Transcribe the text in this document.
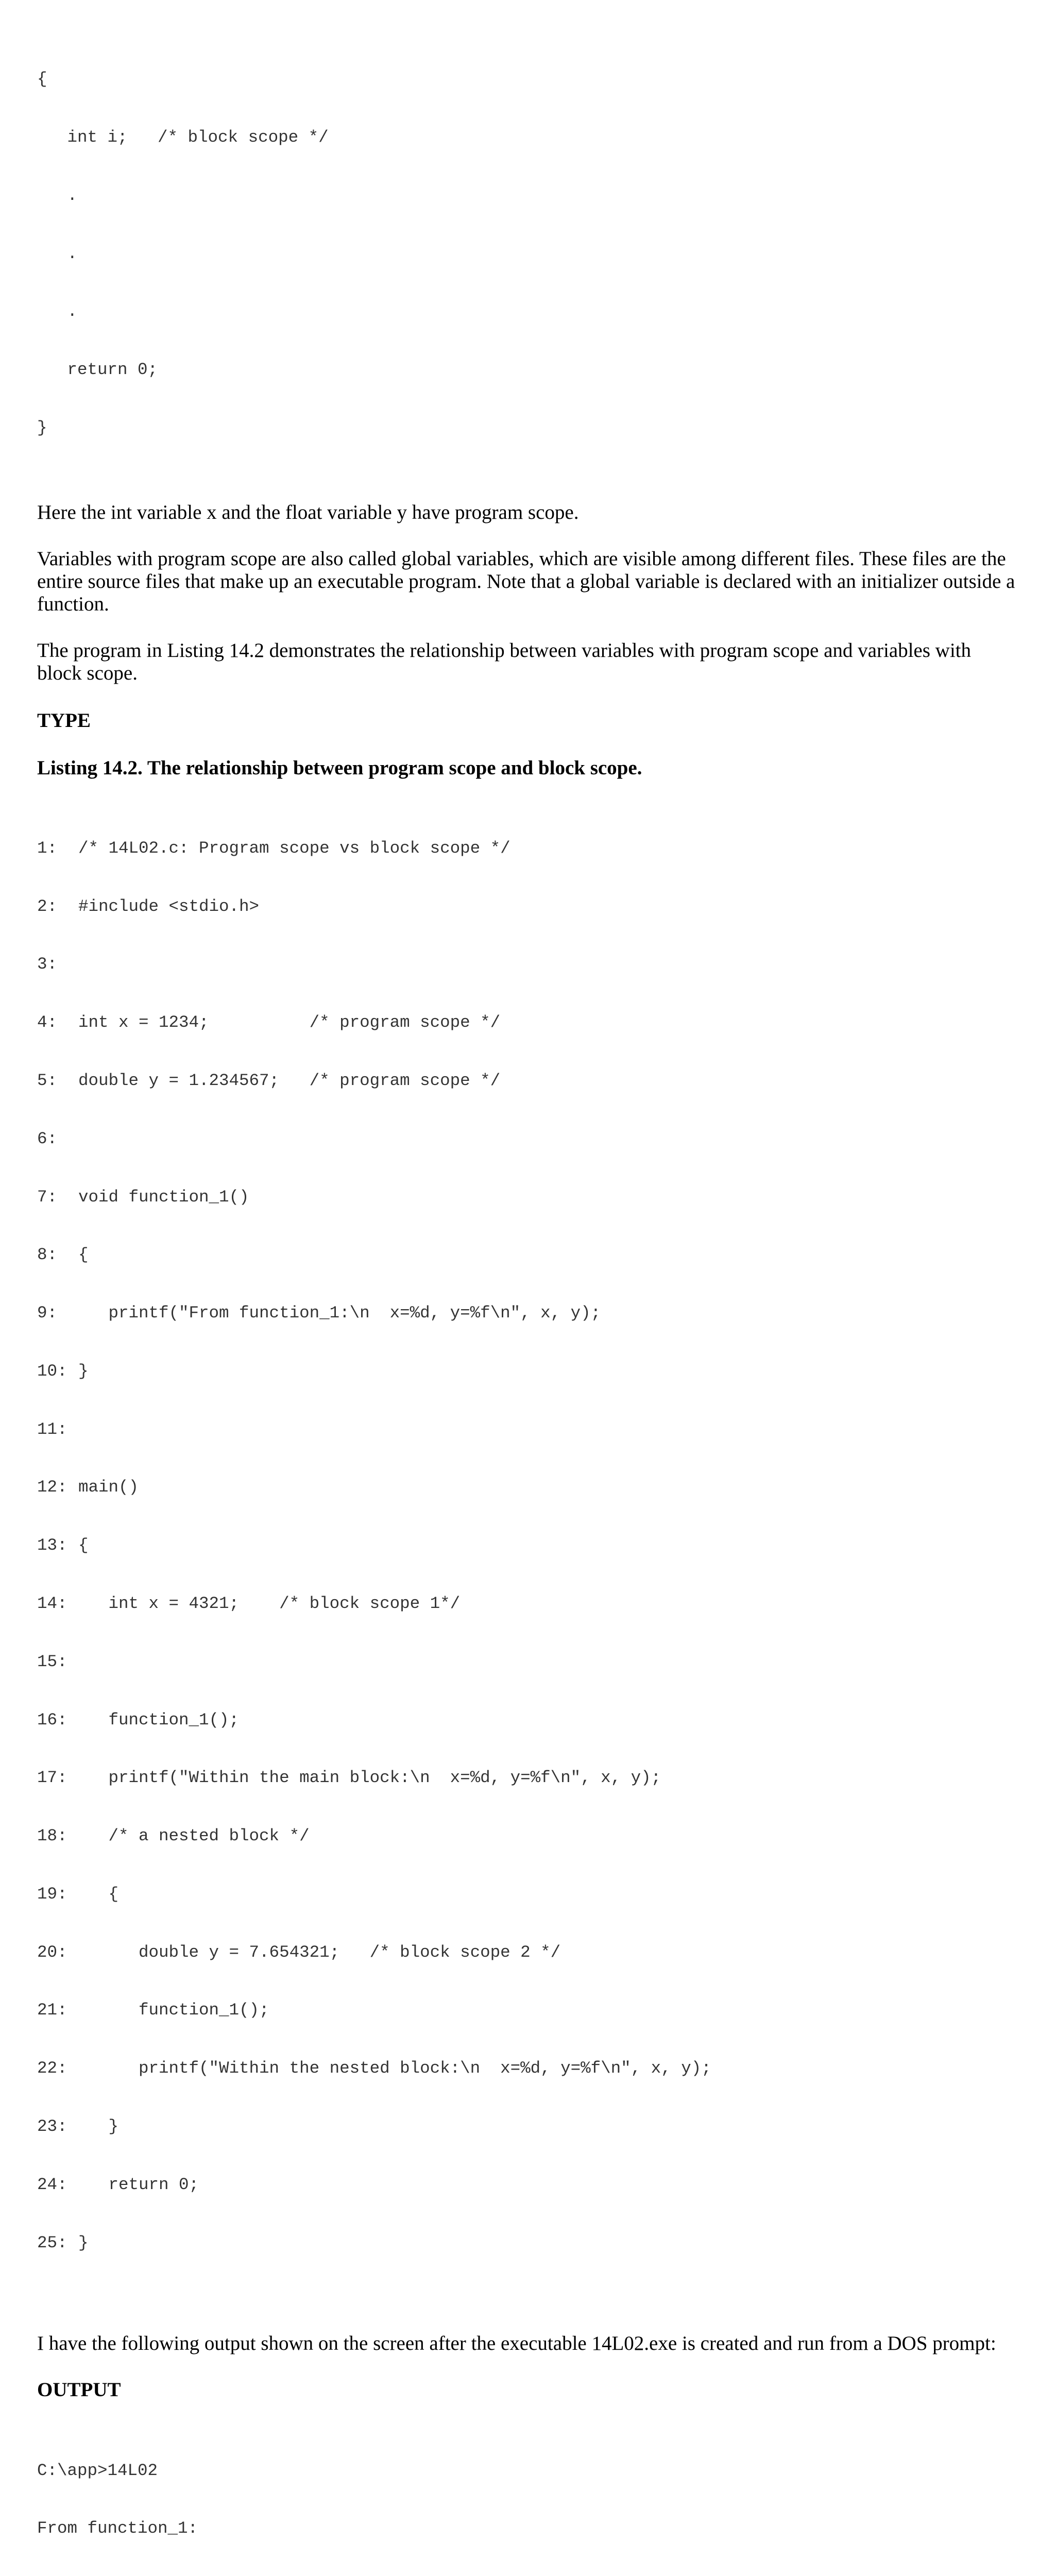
{

int i;   /* block scope */

.

.

.

return 0;

}

Here the int variable x and the float variable y have program scope.

Variables with program scope are also called global variables, which are visible among different files. These files are the entire source files that make up an executable program. Note that a global variable is declared with an initializer outside a function.

The program in Listing 14.2 demonstrates the relationship between variables with program scope and variables with block scope.

TYPE

Listing 14.2. The relationship between program scope and block scope.

1: /* 14L02.c: Program scope vs block scope */

2: #include <stdio.h>

3:

4: int x = 1234;          /* program scope */

5: double y = 1.234567;   /* program scope */

6:

7: void function_1()

8: {

9:   printf("From function_1:\n  x=%d, y=%f\n", x, y);

10: }

11:

12: main()

13: {

14:   int x = 4321;    /* block scope 1*/

15:

16:   function_1();

17:   printf("Within the main block:\n  x=%d, y=%f\n", x, y);

18:   /* a nested block */

19:   {

20:      double y = 7.654321;   /* block scope 2 */

21:      function_1();

22:      printf("Within the nested block:\n  x=%d, y=%f\n", x, y);

23:   }

24:   return 0;

25: }

I have the following output shown on the screen after the executable 14L02.exe is created and run from a DOS prompt:

OUTPUT

C:\app>14L02

From function_1:
